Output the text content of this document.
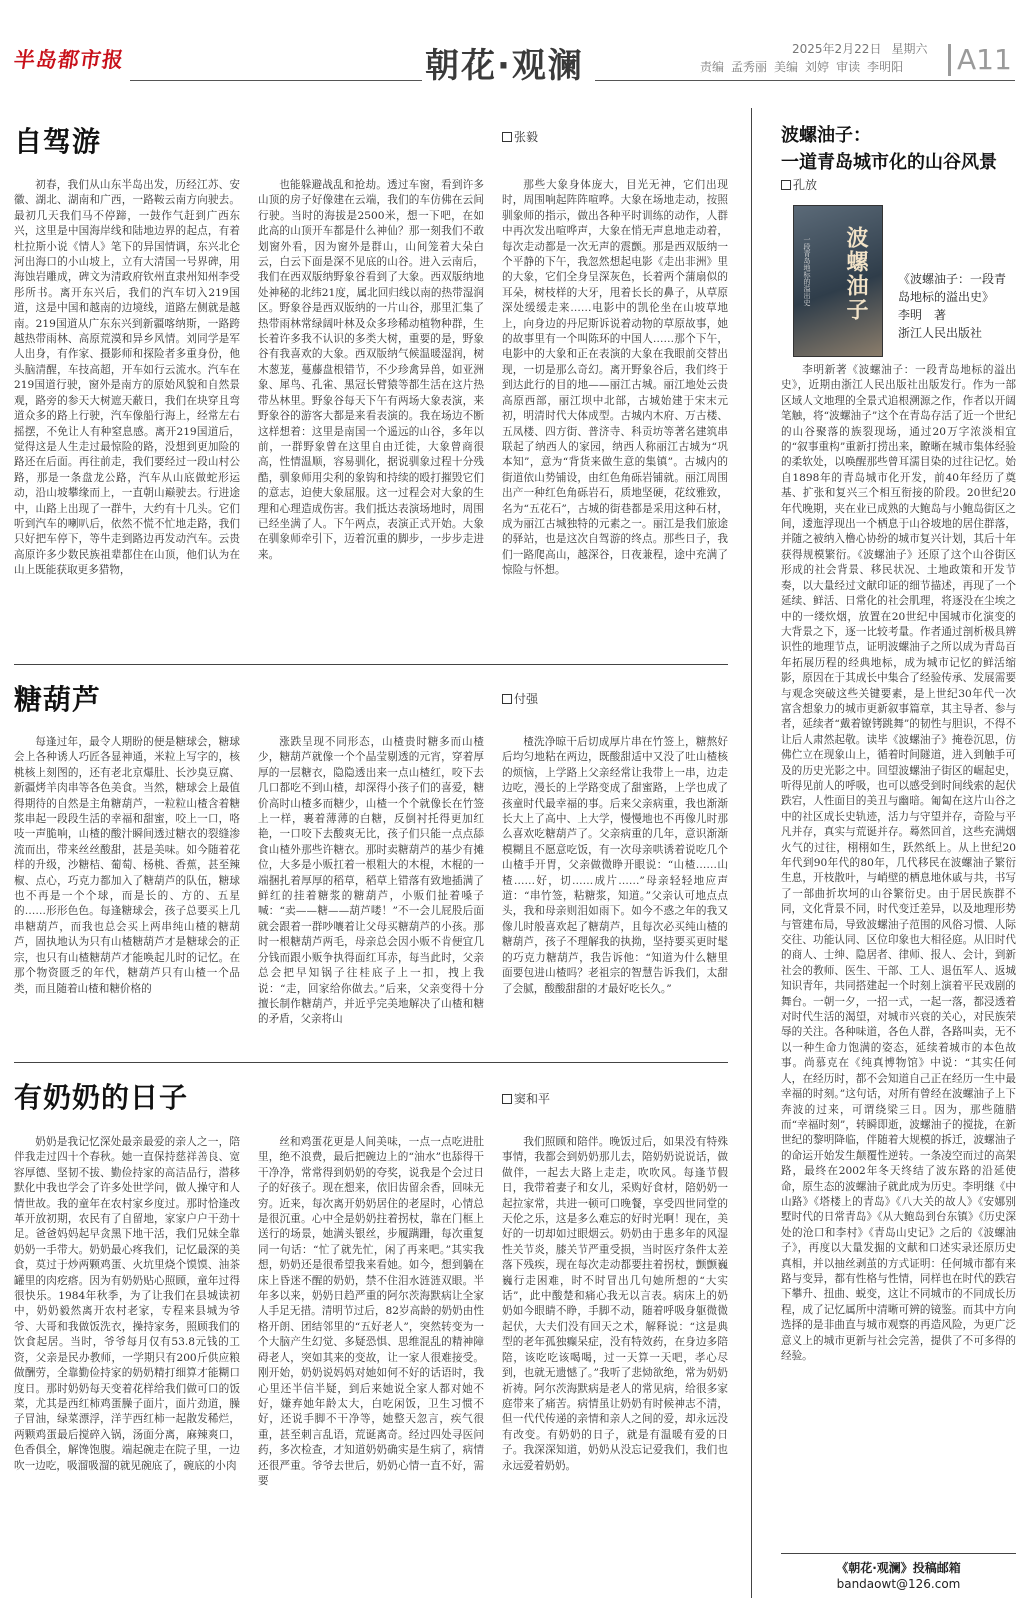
半岛都市报	朝花·观澜	2025年2月22日 星期六
责编 孟秀丽 美编 刘婷 审读 李明阳	A11
自驾游	张毅

初春，我们从山东半岛出发，历经江苏、安徽、湖北、湖南和广西，一路鞍云南方向驶去。最初几天我们马不停蹄，一鼓作气赶到广西东兴，这里是中国海岸线和陆地边界的起点，有着杜拉斯小说《情人》笔下的异国情调，东兴北仑河出海口的小山坡上，立有大清国一号界碑，用海蚀岩雕成，碑文为清政府钦州直隶州知州李受彤所书。离开东兴后，我们的汽车切入219国道，这是中国和越南的边境线，道路左侧就是越南。219国道从广东东兴到新疆喀纳斯，一路跨越热带雨林、高原荒漠和异乡风情。刘同学是军人出身，有作家、摄影师和探险者多重身份，他头脑清醒，车技高超，开车如行云流水。汽车在219国道行驶，窗外是南方的原始风貌和自然景观，路旁的参天大树遮天蔽日，我们在块穿且弯道众多的路上行驶，汽车像船行海上，经常左右摇摆，不免让人有种窒息感。离开219国道后，觉得这是人生走过最惊险的路，没想到更加险的路还在后面。再往前走，我们要经过一段山村公路，那是一条盘龙公路，汽车从山底做蛇形运动，沿山坡攀缘而上，一直朝山巅驶去。行进途中，山路上出现了一群牛，大约有十几头。它们听到汽车的喇叭后，依然不慌不忙地走路，我们只好把车停下，等牛走到路边再发动汽车。云贵高原许多少数民族祖辈都住在山顶，他们认为在山上既能获取更多猎物，

也能躲避战乱和抢劫。透过车窗，看到许多山顶的房子好像建在云端，我们的车仿佛在云间行驶。当时的海拔是2500米，想一下吧，在如此高的山顶开车都是什么神仙？那一刻我们不敢划窗外看，因为窗外是群山，山间笼着大朵白云，白云下面是深不见底的山谷。进入云南后，我们在西双版纳野象谷看到了大象。西双版纳地处神秘的北纬21度，属北回归线以南的热带湿润区。野象谷是西双版纳的一片山谷，那里汇集了热带雨林常绿阔叶林及众多珍稀动植物种群，生长着许多我不认识的多类大树，重要的是，野象谷有我喜欢的大象。西双版纳气候温暖湿润，树木葱茏，蔓藤盘根错节，不少珍禽异兽，如亚洲象、犀鸟、孔雀、黑冠长臂猿等都生活在这片热带丛林里。野象谷每天下午有两场大象表演，来野象谷的游客大都是来看表演的。我在场边不断这样想着：这里是南国一个遥远的山谷，多年以前，一群野象曾在这里自由迁徙，大象曾商很高，性情温顺，容易驯化，据说驯象过程十分残酷，驯象师用尖利的象钩和持续的殴打摧毁它们的意志，迫使大象屈服。这一过程会对大象的生理和心理造成伤害。我们抵达表演场地时，周围已经坐满了人。下午两点，表演正式开始。大象在驯象师牵引下，迈着沉重的脚步，一步步走进来。

那些大象身体庞大，目光无神，它们出现时，周围响起阵阵喧哗。大象在场地走动，按照驯象师的指示，做出各种平时训练的动作，人群中再次发出喧哗声，大象在悄无声息地走动着，每次走动都是一次无声的震颤。那是西双版纳一个平静的下午，我忽然想起电影《走出非洲》里的大象，它们全身呈深灰色，长着两个蒲扇似的耳朵，树枝样的大牙，甩着长长的鼻子，从草原深处缓缓走来……电影中的凯伦坐在山坡草地上，向身边的丹尼斯诉说着动物的草原故事，她的故事里有一个叫陈环的中国人……那个下午，电影中的大象和正在表演的大象在我眼前交替出现，一切是那么奇幻。离开野象谷后，我们终于到达此行的目的地——丽江古城。丽江地处云贵高原西部，丽江坝中北部，古城始建于宋末元初，明清时代大体成型。古城内木府、万古楼、五凤楼、四方街、普济寺、科贡坊等著名建筑串联起了纳西人的家园，纳西人称丽江古城为“巩本知”，意为“背货来做生意的集镇”。古城内的街道依山势铺设，由红色角砾岩铺就。丽江周围出产一种红色角砾岩石，质地坚硬，花纹雅致，名为“五花石”，古城的街巷都是采用这种石材，成为丽江古城独特的元素之一。丽江是我们旅途的驿站，也是这次自驾游的终点。那些日子，我们一路爬高山，越深谷，日夜兼程，途中充满了惊险与怀想。

糖葫芦	付强

每逢过年，最令人期盼的便是糖球会，糖球会上各种诱人巧匠各显神通，米粒上写字的，核桃核上刻图的，还有老北京爆肚、长沙臭豆腐、新疆烤羊肉串等各色美食。当然，糖球会上最值得期待的自然是主角糖葫芦，一粒粒山楂含着糖浆串起一段段生活的幸福和甜蜜，咬上一口，咯吱一声脆响，山楂的酸汁瞬间透过糖衣的裂缝渗流而出，带来丝丝酸甜，甚是美味。如今随着花样的升级，沙糖桔、葡萄、杨桃、香蕉，甚至辣椒、点心，巧克力都加入了糖葫芦的队伍，糖球也不再是一个个球，而是长的、方的、五星的……形形色色。每逢糖球会，孩子总要买上几串糖葫芦，而我也总会买上两串纯山楂的糖葫芦，固执地认为只有山楂糖葫芦才是糖球会的正宗，也只有山楂糖葫芦才能唤起儿时的记忆。在那个物资匮乏的年代，糖葫芦只有山楂一个品类，而且随着山楂和糖价格的

涨跌呈现不同形态，山楂贵时糖多而山楂少，糖葫芦就像一个个晶莹剔透的元宵，穿着厚厚的一层糖衣，隐隐透出来一点山楂红，咬下去几口都吃不到山楂，却深得小孩子们的喜爱，糖价高时山楂多而糖少，山楂一个个就像长在竹签上一样，裹着薄薄的白糖，反倒衬托得更加红艳，一口咬下去酸爽无比，孩子们只能一点点舔食山楂外那些许糖衣。那时卖糖葫芦的基少有摊位，大多是小贩扛着一根粗大的木棍，木棍的一端捆扎着厚厚的稻草，稻草上错落有致地插满了鲜红的挂着糖浆的糖葫芦，小贩们扯着嗓子喊：“卖——糖——葫芦喽！”不一会儿屁股后面就会跟着一群吵嚷着让父母买糖葫芦的小孩。那时一根糖葫芦两毛，母亲总会因小贩不肯便宜几分钱而跟小贩争执得面红耳赤，每当此时，父亲总会把早知锅子往桂底子上一扣，拽上我说：“走，回家给你做去。”后来，父亲变得十分擅长制作糖葫芦，并近乎完美地解决了山楂和糖的矛盾，父亲将山

楂洗净晾干后切成厚片串在竹签上，糖熬好后均匀地粘在两边，既酸甜适中又没了吐山楂核的烦恼，上学路上父亲经常让我带上一串，边走边吃，漫长的上学路变成了甜蜜路，上学也成了孩童时代最幸福的事。后来父亲病重，我也渐渐长大上了高中、上大学，慢慢地也不再像儿时那么喜欢吃糖葫芦了。父亲病重的几年，意识渐渐模糊且不愿意吃饭，有一次母亲哄诱着说吃几个山楂手开胃，父亲做微睁开眼说：“山楂……山楂……好，切……成片……”母亲轻轻地应声道：“串竹签，粘糖浆，知道。”父亲认可地点点头，我和母亲则泪如雨下。如今不惑之年的我又像儿时般喜欢起了糖葫芦，且每次必买纯山楂的糖葫芦，孩子不理解我的执拗，坚持要买更时髦的巧克力糖葫芦，我告诉他：“知道为什么糖里面要包进山楂吗？老祖宗的智慧告诉我们，太甜了会腻，酸酸甜甜的才最好吃长久。”

有奶奶的日子	窦和平

奶奶是我记忆深处最亲最爱的亲人之一，陪伴我走过四十个春秋。她一直保持慈祥善良、宽容厚德、坚韧不拔、勤俭持家的高洁品行，潜移默化中我也学会了许多处世学问，做人操守和人情世故。我的童年在农村家乡度过。那时恰逢改革开放初期，农民有了自留地，家家户户干劲十足。爸爸妈妈起早贪黑下地干活，我们兄妹全靠奶奶一手带大。奶奶最心疼我们，记忆最深的美食，莫过于炒两颗鸡蛋、火坑里烧个馍馍、油茶罐里的肉疙瘩。因为有奶奶贴心照顾，童年过得很快乐。1984年秋季，为了让我们在县城读初中，奶奶毅然离开农村老家，专程来县城为爷爷、大哥和我做饭洗衣，操持家务，照顾我们的饮食起居。当时，爷爷每月仅有53.8元钱的工资，父亲是民办教师，一学期只有200斤供应粮做酬劳，全靠勤俭持家的奶奶精打细算才能糊口度日。那时奶奶每天变着花样给我们做可口的饭菜，尤其是西红柿鸡蛋臊子面片，面片劲道，臊子冒油，绿菜漂浮，洋芋西红柿一起散发稀烂，两颗鸡蛋最后搅碎入锅，汤面分离，麻辣爽口，色香俱全，解馋饱腹。端起碗走在院子里，一边吹一边吃，吸溜吸溜的就见碗底了，碗底的小肉

丝和鸡蛋花更是人间美味，一点一点吃进肚里，绝不浪费，最后把碗边上的“油水”也舔得干干净净，常常得到奶奶的夸奖，说我是个会过日子的好孩子。现在想来，依旧齿留余香，回味无穷。近来，每次离开奶奶居住的老屋时，心情总是很沉重。心中全是奶奶拄着拐杖，靠在门框上送行的场景，她满头银丝，步履蹒跚，每次重复同一句话：“忙了就先忙，闲了再来吧。”其实我想，奶奶还是很希望我来看她。如今，想到躺在床上昏迷不醒的奶奶，禁不住泪水涟涟双眼。半年多以来，奶奶日趋严重的阿尔茨海默病让全家人手足无措。清明节过后，82岁高龄的奶奶由性格开朗、团结邻里的“五好老人”，突然转变为一个大脑产生幻觉、多疑恐惧、思维混乱的精神障碍老人，突如其来的变故，让一家人很难接受。刚开始，奶奶说妈妈对她如何不好的话语时，我心里还半信半疑，到后来她说全家人都对她不好，嫌弃她年龄太大，白吃闲饭，卫生习惯不好，还说手脚不干净等，她整天忽言，疾气很重，甚至刺言乱语，荒诞离奇。经过四处寻医问药，多次检查，才知道奶奶确实是生病了，病情还很严重。爷爷去世后，奶奶心情一直不好，需要

我们照顾和陪伴。晚饭过后，如果没有特殊事情，我都会到奶奶那儿去，陪奶奶说说话，做做伴，一起去大路上走走，吹吹风。每逢节假日，我带着妻子和女儿，采购好食材，陪奶奶一起拉家常，共进一顿可口晚餐，享受四世同堂的天伦之乐，这是多么难忘的好时光啊！现在，美好的一切却如过眼烟云。奶奶由于患多年的风湿性关节炎，膝关节严重受损，当时医疗条件太差落下残疾，现在每次走动都要拄着拐杖，颤颤巍巍行走困难，时不时冒出几句她所想的“大实话”，此中酸楚和痛心我无以言表。病床上的奶奶如今眼睛不睁，手脚不动，随着呼吸身躯微微起伏，大夫们没有回天之术，解释说：“这是典型的老年孤独癫呆症，没有特效药，在身边多陪陪，该吃吃该喝喝，过一天算一天吧，孝心尽到，也就无遗憾了。”我听了悲恸欲绝，常为奶奶祈祷。阿尔茨海默病是老人的常见病，给很多家庭带来了痛苦。病情虽让奶奶有时候神志不清，但一代代传递的亲情和亲人之间的爱，却永远没有改变。有奶奶的日子，就是有温暖有爱的日子。我深深知道，奶奶从没忘记爱我们，我们也永远爱着奶奶。

波螺油子：
一道青岛城市化的山谷风景
孔放
波螺油子
一段青岛地标的溢出史	《波螺油子：一段青岛地标的溢出史》
李明　著
浙江人民出版社

李明新著《波螺油子：一段青岛地标的溢出史》，近期由浙江人民出版社出版发行。作为一部区域人文地理的全景式追根溯源之作，作者以开阔笔触，将“波螺油子”这个在青岛存活了近一个世纪的山谷聚落的族裂现场，通过20万字浓淡相宜的“叙事重构”重新打捞出来，瞭晰在城市集体经验的柔软处，以唤醒那些曾耳濡目染的过往记忆。始自1898年的青岛城市化开发，前40年经历了奠基、扩张和复兴三个相互衔接的阶段。20世纪20年代晚期，夹在业已成熟的大鲍岛与小鲍岛街区之间，逶迤浮现出一个栖息于山谷坡地的居住群落，并随之被纳入橹心协纷的城市复兴计划，其后十年获得规模繁衍。《波螺油子》还原了这个山谷街区形成的社会背景、移民状况、土地政策和开发节奏，以大量经过文献印证的细节描述，再现了一个延续、鲜活、日常化的社会肌理，将逐没在尘埃之中的一缕炊烟，放置在20世纪中国城市化演变的大背景之下，逐一比较考量。作者通过剖析极具辨识性的地理节点，证明波螺油子之所以成为青岛百年拓展历程的经典地标，成为城市记忆的鲜活缩影，原因在于其成长中集合了经验传承、发展需要与观念突破这些关键要素，是上世纪30年代一次富含想象力的城市更新叙事篇章，其主导者、参与者，延续者“戴着镣铐跳舞”的韧性与胆识，不得不让后人肃然起敬。读毕《波螺油子》掩卷沉思，仿佛伫立在现象山上，循着时间隧道，进入到触手可及的历史光影之中。回望波螺油子街区的崛起史，听得见前人的呼吸，也可以感受到时间线索的起伏跌宕，人性面目的美丑与幽暗。匍匐在这片山谷之中的社区成长史轨迹，活力与守望并存，奇险与平凡并存，真实与荒诞并存。蓦然回首，这些充满烟火气的过往，栩栩如生，跃然纸上。从上世纪20年代到90年代的80年，几代移民在波螺油子繁衍生息，开枝散叶，与峭壁的栖息地休戚与共，书写了一部曲折坎坷的山谷繁衍史。由于居民族群不同，文化背景不同，时代变迁差异，以及地理形势与管建布局，导致波螺油子范围的风俗习惯、人际交往、功能认同、区位印象也大相径庭。从旧时代的商人、士绅、隐居者、律师、报人、会计，到新社会的教师、医生、干部、工人、退伍军人、返城知识青年，共同搭建起一个时刻上演着平民戏剧的舞台。一朝一夕，一招一式，一起一落，都浸透着对时代生活的渴望，对城市兴衰的关心，对民族荣辱的关注。各种味道，各色人群，各路叫卖，无不以一种生命力饱满的姿态，延续着城市的本色故事。尚慕克在《纯真博物馆》中说：“其实任何人，在经历时，都不会知道自己正在经历一生中最幸福的时刻。”这句话，对所有曾经在波螺油子上下奔波的过来，可谓绕梁三日。因为，那些随腊而“幸福时刻”，转瞬即逝，波螺油子的搅拢，在新世纪的黎明降临，伴随着大规模的拆迁，波螺油子的命运开始发生颠覆性逆转。一条凌空而过的高架路，最终在2002年冬天终结了波东路的沿延使命，原生态的波螺油子就此成为历史。李明继《中山路》《塔楼上的青岛》《八大关的故人》《安娜别墅时代的日常青岛》《从大鲍岛到台东镇》《历史深处的沧口和李村》《青岛山史记》之后的《波螺油子》，再度以大量发掘的文献和口述实录还原历史真相，并以抽丝剥茧的方式证明：任何城市都有来路与变异，都有性格与性情，同样也在时代的跌宕下攀升、扭曲、蜕变，这让不同城市的不同成长历程，成了记忆属所中清晰可辨的镜鉴。而其中方向选择的是非曲直与城市观察的再造风险，为更广泛意义上的城市更新与社会完善，提供了不可多得的经验。

《朝花·观澜》投稿邮箱
bandaowt@126.com
